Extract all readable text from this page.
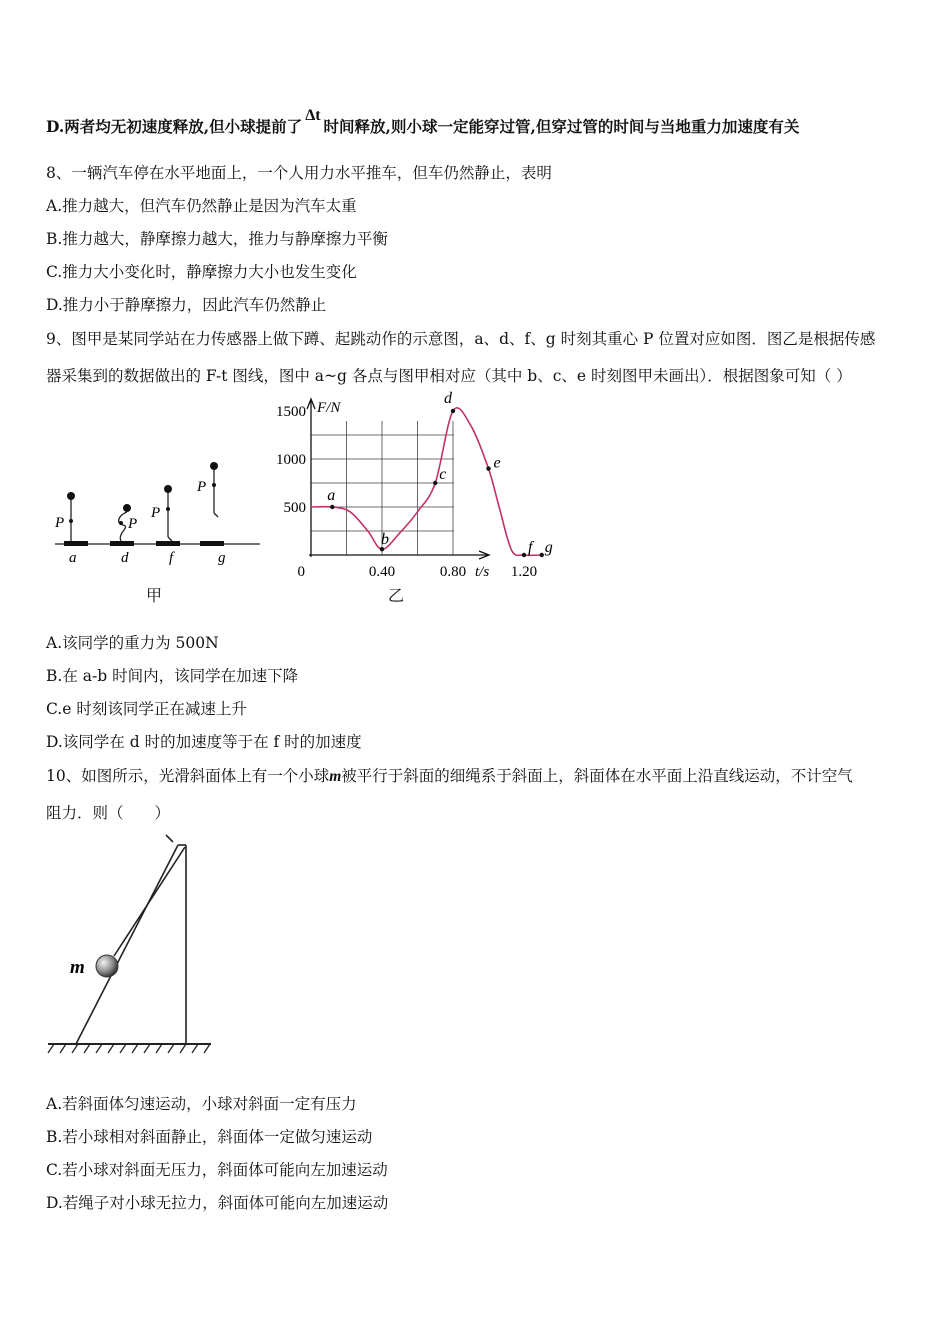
D.两者均无初速度释放,但小球提前了Δt时间释放,则小球一定能穿过管,但穿过管的时间与当地重力加速度有关
8、一辆汽车停在水平地面上，一个人用力水平推车，但车仍然静止，表明
A.推力越大，但汽车仍然静止是因为汽车太重
B.推力越大，静摩擦力越大，推力与静摩擦力平衡
C.推力大小变化时，静摩擦力大小也发生变化
D.推力小于静摩擦力，因此汽车仍然静止
9、图甲是某同学站在力传感器上做下蹲、起跳动作的示意图，a、d、f、g 时刻其重心 P 位置对应如图．图乙是根据传感
器采集到的数据做出的 F-t 图线，图中 a~g 各点与图甲相对应（其中 b、c、e 时刻图甲未画出）．根据图象可知（ ）
P	P
P
P
a	d	f	g
甲
500
1000
1500
0.40	0.80	1.20
a
b
c
d
e
f g
F/N
t/s
0
乙
A.该同学的重力为 500N
B.在 a-b 时间内，该同学在加速下降
C.e 时刻该同学正在减速上升
D.该同学在 d 时的加速度等于在 f 时的加速度
10、如图所示，光滑斜面体上有一个小球m被平行于斜面的细绳系于斜面上，斜面体在水平面上沿直线运动，不计空气
阻力．则（　　）
m
A.若斜面体匀速运动，小球对斜面一定有压力
B.若小球相对斜面静止，斜面体一定做匀速运动
C.若小球对斜面无压力，斜面体可能向左加速运动
D.若绳子对小球无拉力，斜面体可能向左加速运动
